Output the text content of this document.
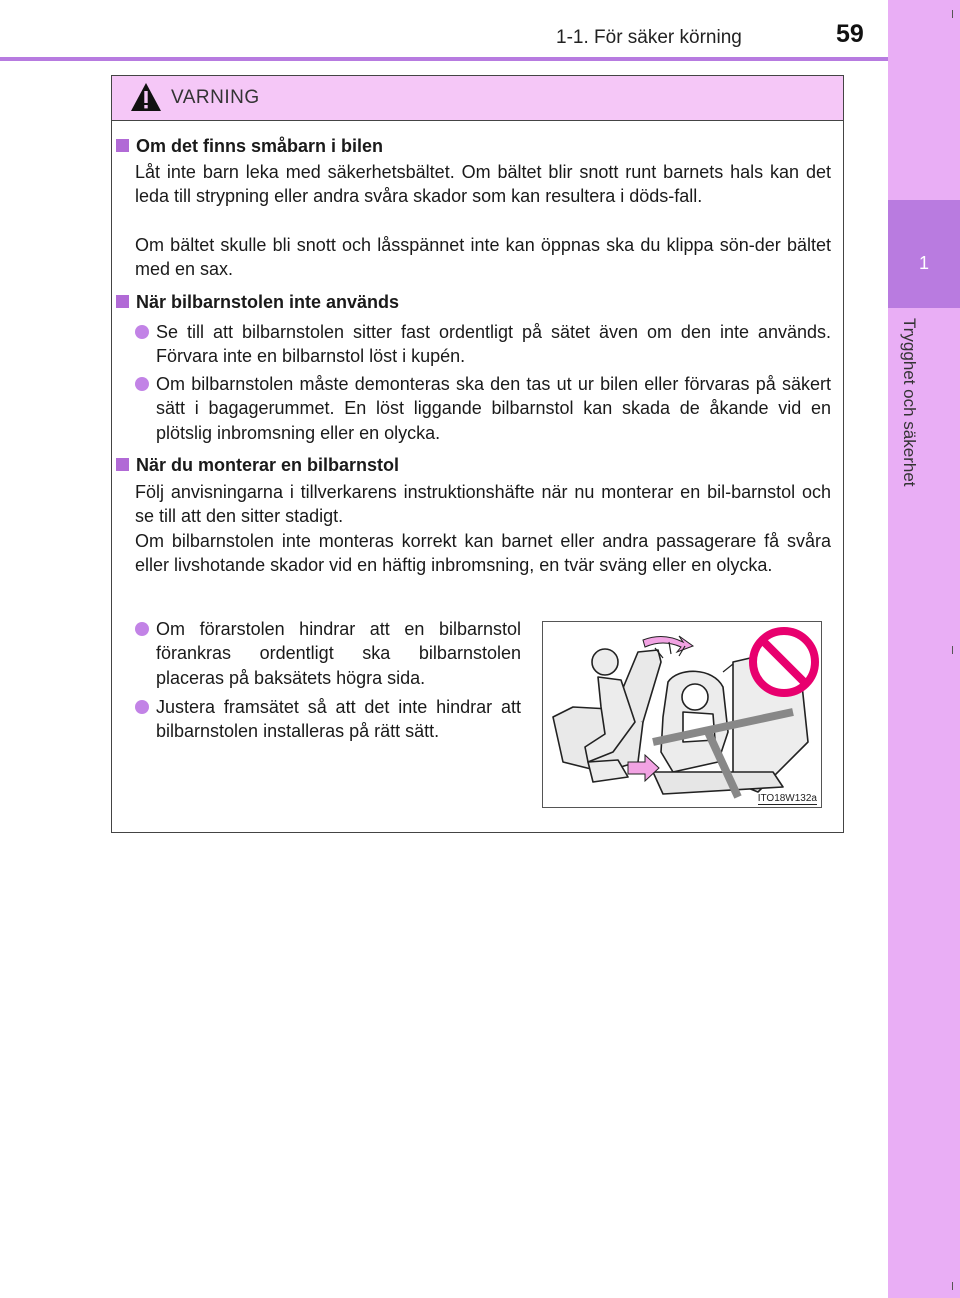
1-1. För säker körning	59
1
Trygghet och säkerhet
VARNING
Om det finns småbarn i bilen
Låt inte barn leka med säkerhetsbältet. Om bältet blir snott runt barnets hals kan det leda till strypning eller andra svåra skador som kan resultera i döds-fall.
Om bältet skulle bli snott och låsspännet inte kan öppnas ska du klippa sön-der bältet med en sax.
När bilbarnstolen inte används
Se till att bilbarnstolen sitter fast ordentligt på sätet även om den inte används. Förvara inte en bilbarnstol löst i kupén.
Om bilbarnstolen måste demonteras ska den tas ut ur bilen eller förvaras på säkert sätt i bagagerummet. En löst liggande bilbarnstol kan skada de åkande vid en plötslig inbromsning eller en olycka.
När du monterar en bilbarnstol
Följ anvisningarna i tillverkarens instruktionshäfte när nu monterar en bil-barnstol och se till att den sitter stadigt.
Om bilbarnstolen inte monteras korrekt kan barnet eller andra passagerare få svåra eller livshotande skador vid en häftig inbromsning, en tvär sväng eller en olycka.
Om förarstolen hindrar att en bilbarnstol förankras ordentligt ska bilbarnstolen placeras på baksätets högra sida.
Justera framsätet så att det inte hindrar att bilbarnstolen installeras på rätt sätt.
ITO18W132a
